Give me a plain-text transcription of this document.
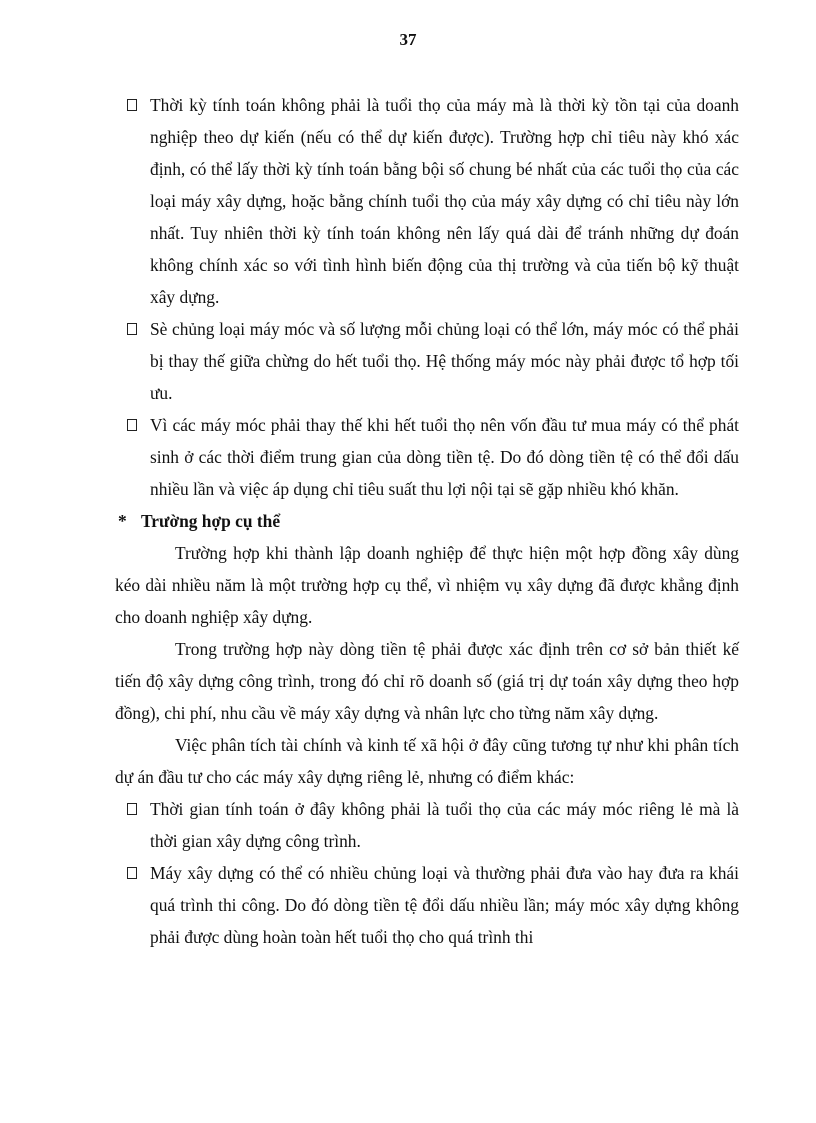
37
Thời kỳ tính toán không phải là tuổi thọ của máy mà là thời kỳ tồn tại của doanh nghiệp theo dự kiến (nếu có thể dự kiến được). Trường hợp chỉ tiêu này khó xác định, có thể lấy thời kỳ tính toán bằng bội số chung bé nhất của các tuổi thọ của các loại máy xây dựng, hoặc bằng chính tuổi thọ của máy xây dựng có chỉ tiêu này lớn nhất. Tuy nhiên thời kỳ tính toán không nên lấy quá dài để tránh những dự đoán không chính xác so với tình hình biến động của thị trường và của tiến bộ kỹ thuật xây dựng.
Sè chủng loại máy móc và số lượng mỗi chủng loại có thể lớn, máy móc có thể phải bị thay thế giữa chừng do hết tuổi thọ. Hệ thống máy móc này phải được tổ hợp tối ưu.
Vì các máy móc phải thay thế khi hết tuổi thọ nên vốn đầu tư mua máy có thể phát sinh ở các thời điểm trung gian của dòng tiền tệ. Do đó dòng tiền tệ có thể đổi dấu nhiều lần và việc áp dụng chỉ tiêu suất thu lợi nội tại sẽ gặp nhiều khó khăn.
* Trường hợp cụ thể
Trường hợp khi thành lập doanh nghiệp để thực hiện một hợp đồng xây dùng kéo dài nhiều năm là một trường hợp cụ thể, vì nhiệm vụ xây dựng đã được khẳng định cho doanh nghiệp xây dựng.
Trong trường hợp này dòng tiền tệ phải được xác định trên cơ sở bản thiết kế tiến độ xây dựng công trình, trong đó chỉ rõ doanh số (giá trị dự toán xây dựng theo hợp đồng), chi phí, nhu cầu về máy xây dựng và nhân lực cho từng năm xây dựng.
Việc phân tích tài chính và kinh tế xã hội ở đây cũng tương tự như khi phân tích dự án đầu tư cho các máy xây dựng riêng lẻ, nhưng có điểm khác:
Thời gian tính toán ở đây không phải là tuổi thọ của các máy móc riêng lẻ mà là thời gian xây dựng công trình.
Máy xây dựng có thể có nhiều chủng loại và thường phải đưa vào hay đưa ra khái quá trình thi công. Do đó dòng tiền tệ đổi dấu nhiều lần; máy móc xây dựng không phải được dùng hoàn toàn hết tuổi thọ cho quá trình thi
